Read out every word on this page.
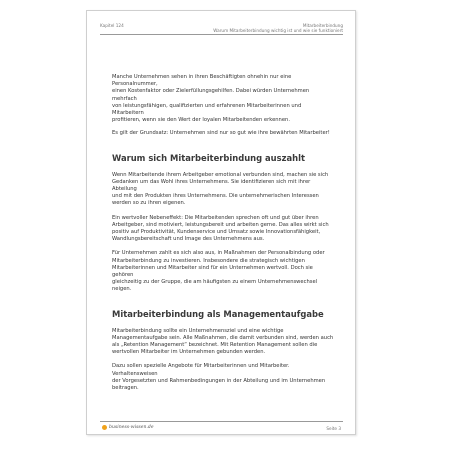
Kapitel 124	Mitarbeiterbindung
Warum Mitarbeiterbindung wichtig ist und wie sie funktioniert

Manche Unternehmen sehen in ihren Beschäftigten ohnehin nur eine Personalnummer,
einen Kostenfaktor oder Zielerfüllungsgehilfen. Dabei würden Unternehmen mehrfach
von leistungsfähigen, qualifizierten und erfahrenen Mitarbeiterinnen und Mitarbeitern
profitieren, wenn sie den Wert der loyalen Mitarbeitenden erkennen.

Es gilt der Grundsatz: Unternehmen sind nur so gut wie ihre bewährten Mitarbeiter!

Warum sich Mitarbeiterbindung auszahlt

Wenn Mitarbeitende ihrem Arbeitgeber emotional verbunden sind, machen sie sich
Gedanken um das Wohl ihres Unternehmens. Sie identifizieren sich mit ihrer Abteilung
und mit den Produkten ihres Unternehmens. Die unternehmerischen Interessen
werden so zu ihren eigenen.

Ein wertvoller Nebeneffekt: Die Mitarbeitenden sprechen oft und gut über ihren
Arbeitgeber, sind motiviert, leistungsbereit und arbeiten gerne. Das alles wirkt sich
positiv auf Produktivität, Kundenservice und Umsatz sowie Innovationsfähigkeit,
Wandlungsbereitschaft und Image des Unternehmens aus.

Für Unternehmen zahlt es sich also aus, in Maßnahmen der Personalbindung oder
Mitarbeiterbindung zu investieren. Insbesondere die strategisch wichtigen
Mitarbeiterinnen und Mitarbeiter sind für ein Unternehmen wertvoll. Doch sie gehören
gleichzeitig zu der Gruppe, die am häufigsten zu einem Unternehmenswechsel neigen.

Mitarbeiterbindung als Managementaufgabe

Mitarbeiterbindung sollte ein Unternehmensziel und eine wichtige
Managementaufgabe sein. Alle Maßnahmen, die damit verbunden sind, werden auch
als „Retention Management“ bezeichnet. Mit Retention Management sollen die
wertvollen Mitarbeiter im Unternehmen gebunden werden.

Dazu sollen spezielle Angebote für Mitarbeiterinnen und Mitarbeiter. Verhaltensweisen
der Vorgesetzten und Rahmenbedingungen in der Abteilung und im Unternehmen
beitragen.

business-wissen.de	Seite 3
